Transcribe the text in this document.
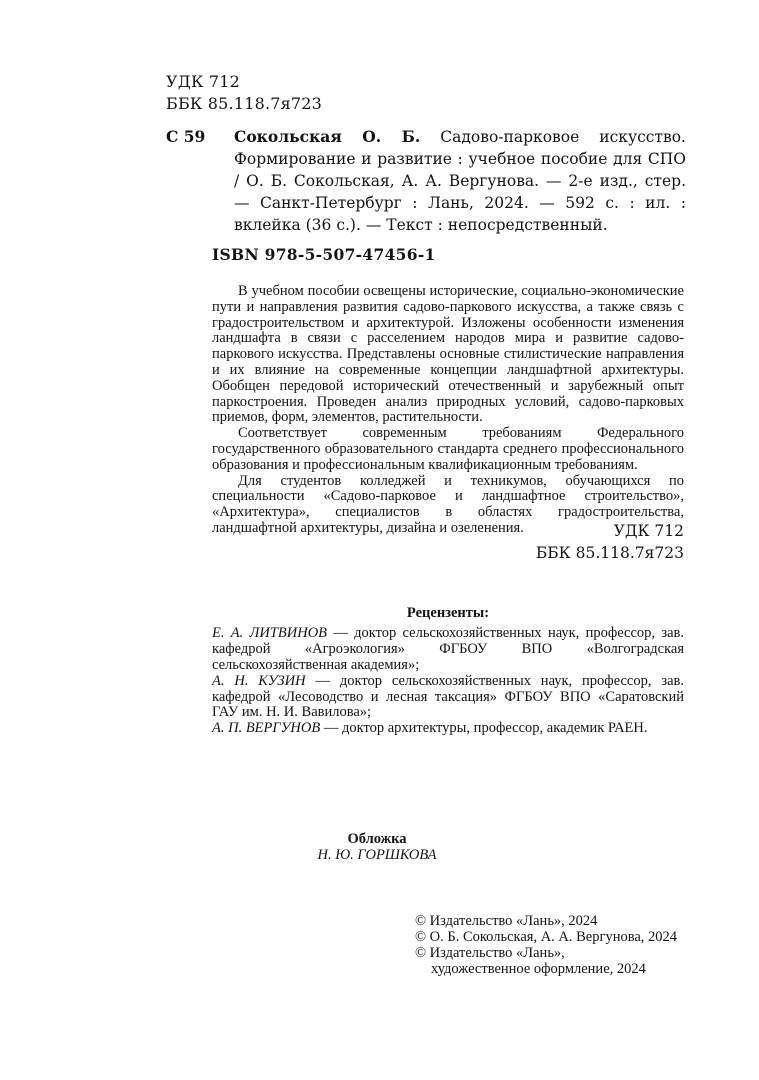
УДК 712
ББК 85.118.7я723
С 59 Сокольская О. Б. Садово-парковое искусство. Формирование и развитие : учебное пособие для СПО / О. Б. Сокольская, А. А. Вергунова. — 2-е изд., стер. — Санкт-Петербург : Лань, 2024. — 592 с. : ил. : вклейка (36 с.). — Текст : непосредственный.
ISBN 978-5-507-47456-1

В учебном пособии освещены исторические, социально-экономические пути и направления развития садово-паркового искусства, а также связь с градостроительством и архитектурой. Изложены особенности изменения ландшафта в связи с расселением народов мира и развитие садово-паркового искусства. Представлены основные стилистические направления и их влияние на современные концепции ландшафтной архитектуры. Обобщен передовой исторический отечественный и зарубежный опыт паркостроения. Проведен анализ природных условий, садово-парковых приемов, форм, элементов, растительности.

Соответствует современным требованиям Федерального государственного образовательного стандарта среднего профессионального образования и профессиональным квалификационным требованиям.

Для студентов колледжей и техникумов, обучающихся по специальности «Садово-парковое и ландшафтное строительство», «Архитектура», специалистов в областях градостроительства, ландшафтной архитектуры, дизайна и озеленения.	УДК 712
ББК 85.118.7я723
Рецензенты:

Е. А. ЛИТВИНОВ — доктор сельскохозяйственных наук, профессор, зав. кафедрой «Агроэкология» ФГБОУ ВПО «Волгоградская сельскохозяйственная академия»;

А. Н. КУЗИН — доктор сельскохозяйственных наук, профессор, зав. кафедрой «Лесоводство и лесная таксация» ФГБОУ ВПО «Саратовский ГАУ им. Н. И. Вавилова»;

А. П. ВЕРГУНОВ — доктор архитектуры, профессор, академик РАЕН.

Обложка
Н. Ю. ГОРШКОВА
© Издательство «Лань», 2024
© О. Б. Сокольская, А. А. Вергунова, 2024
© Издательство «Лань»,
художественное оформление, 2024
